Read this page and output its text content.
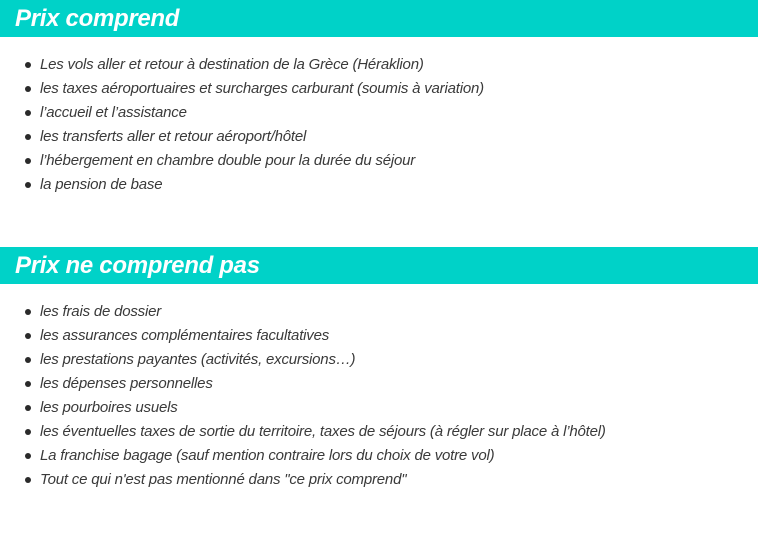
Prix comprend
Les vols aller et retour à destination de la Grèce (Héraklion)
les taxes aéroportuaires et surcharges carburant (soumis à variation)
l’accueil et l’assistance
les transferts aller et retour aéroport/hôtel
l’hébergement en chambre double pour la durée du séjour
la pension de base
Prix ne comprend pas
les frais de dossier
les assurances complémentaires facultatives
les prestations payantes (activités, excursions…)
les dépenses personnelles
les pourboires usuels
les éventuelles taxes de sortie du territoire, taxes de séjours (à régler sur place à l’hôtel)
La franchise bagage (sauf mention contraire lors du choix de votre vol)
Tout ce qui n'est pas mentionné dans "ce prix comprend"
